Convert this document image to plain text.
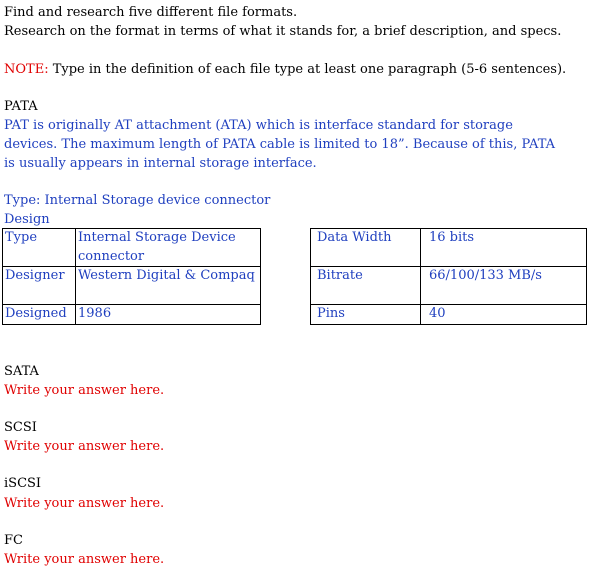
Find and research five different file formats.
Research on the format in terms of what it stands for, a brief description, and specs.
NOTE: Type in the definition of each file type at least one paragraph (5-6 sentences).
PATA
PAT is originally AT attachment (ATA) which is interface standard for storage
devices. The maximum length of PATA cable is limited to 18”. Because of this, PATA
is usually appears in internal storage interface.
Type: Internal Storage device connector
Design
Type	Internal Storage Device connector
Designer	Western Digital & Compaq
Designed	1986
Data Width	16 bits
Bitrate	66/100/133 MB/s
Pins	40
SATA
Write your answer here.
SCSI
Write your answer here.
iSCSI
Write your answer here.
FC
Write your answer here.
